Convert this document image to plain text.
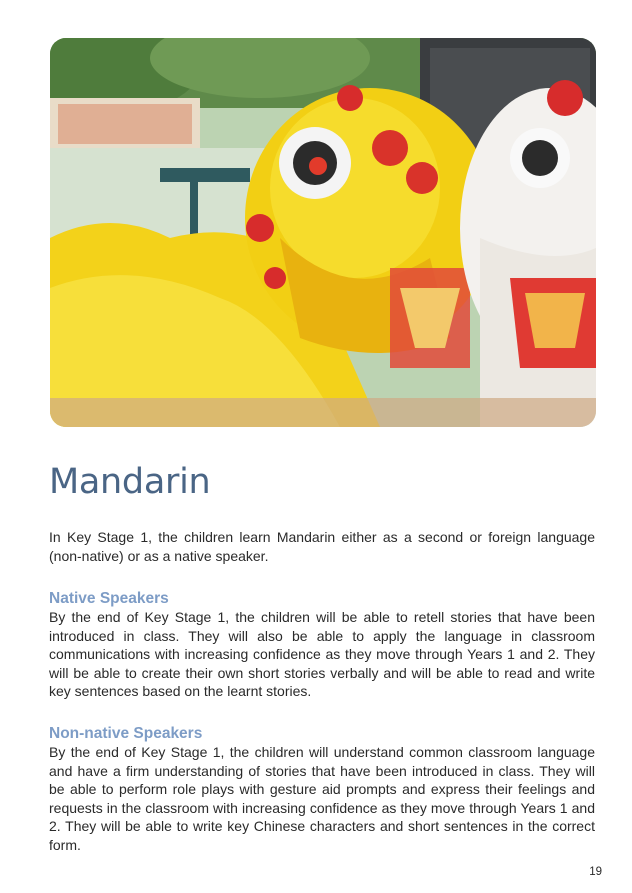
Mandarin

In Key Stage 1, the children learn Mandarin either as a second or foreign language (non-native) or as a native speaker.

Native Speakers

By the end of Key Stage 1, the children will be able to retell stories that have been introduced in class. They will also be able to apply the language in classroom communications with increasing confidence as they move through Years 1 and 2. They will be able to create their own short stories verbally and will be able to read and write key sentences based on the learnt stories.

Non-native Speakers

By the end of Key Stage 1, the children will understand common classroom language and have a firm understanding of stories that have been introduced in class. They will be able to perform role plays with gesture aid prompts and express their feelings and requests in the classroom with increasing confidence as they move through Years 1 and 2. They will be able to write key Chinese characters and short sentences in the correct form.

19
